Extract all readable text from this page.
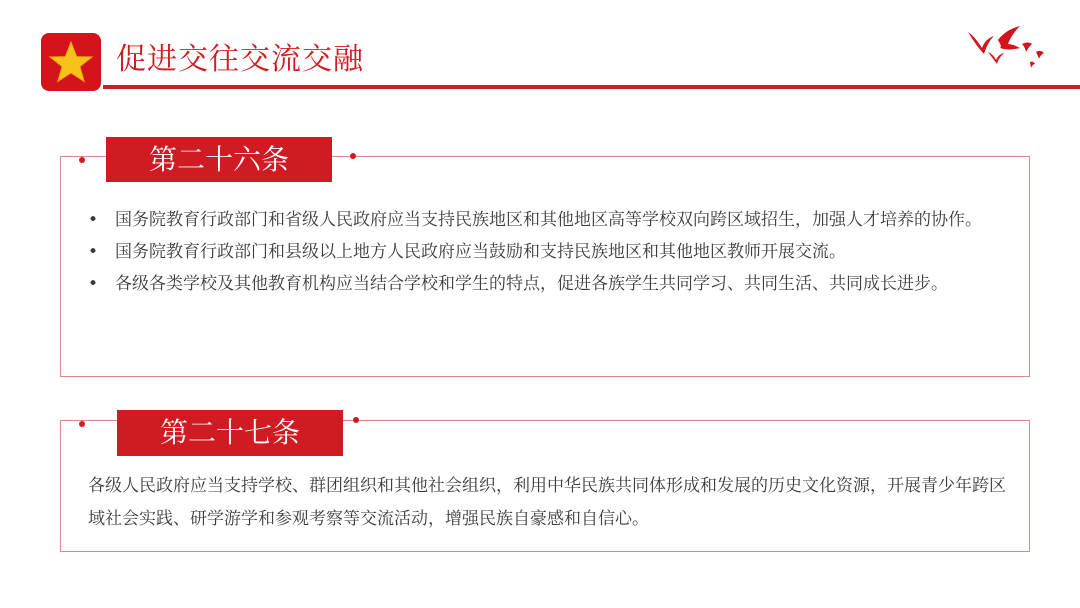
促进交往交流交融
第二十六条
• 国务院教育行政部门和省级人民政府应当支持民族地区和其他地区高等学校双向跨区域招生，加强人才培养的协作。
• 国务院教育行政部门和县级以上地方人民政府应当鼓励和支持民族地区和其他地区教师开展交流。
• 各级各类学校及其他教育机构应当结合学校和学生的特点，促进各族学生共同学习、共同生活、共同成长进步。
第二十七条

各级人民政府应当支持学校、群团组织和其他社会组织，利用中华民族共同体形成和发展的历史文化资源，开展青少年跨区域社会实践、研学游学和参观考察等交流活动，增强民族自豪感和自信心。
